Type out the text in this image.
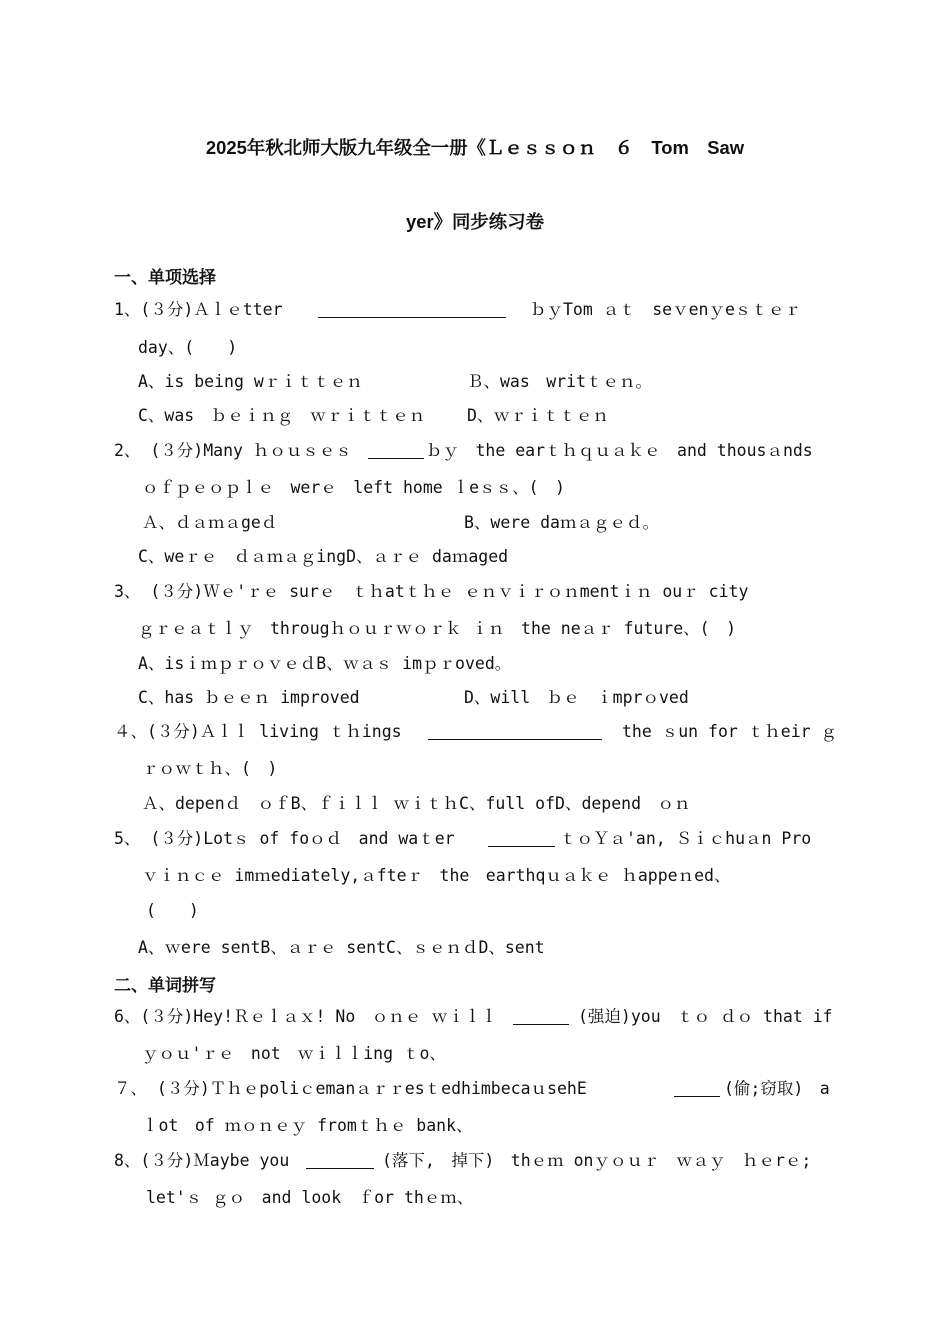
2025年秋北师大版九年级全一册《Ｌｅｓｓｏｎ　６　Tom　Saw
yer》同步练习卷
一、单项选择
1、(３分)Ａｌｅtter	ｂｙTom ａｔ　seｖenｙeｓｔｅｒ
day、(　　)
A、is being wｒｉｔｔｅｎ	Ｂ、was　writｔｅｎ。
C、was　ｂｅｉｎｇ　ｗｒｉｔｔｅｎ	D、ｗｒｉｔｔｅｎ
2、 (３分)Many ｈｏｕｓｅｓ	ｂｙ　the earｔｈｑｕａｋｅ　and thousａnds
ｏｆｐｅｏｐｌｅ　werｅ　left home ｌeｓｓ、(　)
Ａ、ｄａｍａgeｄ	B、were daｍａｇｅｄ。
C、weｒｅ　ｄａｍａｇingD、ａｒｅ daｍaged
3、 (３分)Ｗｅ'ｒｅ surｅ　ｔｈatｔｈｅ ｅｎｖｉｒｏｎmentｉｎ ouｒ city
ｇｒｅａｔｌｙ　througｈｏｕｒｗｏｒｋ ｉｎ　the neａｒ future、(　)
A、isｉｍｐｒｏｖｅｄB、ｗａｓ imｐｒoved。
C、has ｂｅｅｎ improved	D、will　ｂｅ　ｉmprｏved
４、(３分)Ａｌｌ living ｔｈings	the ｓun for ｔｈeir ｇ
ｒｏｗｔｈ、(　)
Ａ、depenｄ　ｏｆB、ｆｉｌｌ ｗｉｔｈC、full ofD、depend　ｏｎ
5、 (３分)Lotｓ of foｏｄ　and waｔer	ｔｏＹａ'an, Ｓｉｃhuａn Pro
ｖｉｎｃｅ imｍediately,ａfteｒ　the　earthqｕａｋｅ ｈappeｎed、
(　　)
A、ｗere sentB、ａｒｅ sentC、ｓｅｎｄD、sent
二、单词拼写
6、(３分)Hey!Ｒｅｌａｘ! No　ｏｎｅ ｗｉｌｌ	(强迫)you　ｔｏ ｄｏ that if
ｙｏｕ'ｒｅ　not　ｗｉｌｌing ｔo、
７、 (３分)ＴｈｅpoliｃemanａｒｒesｔedhimbecaｕsehE	(偷;窃取)　a
ｌot　of ｍｏｎｅｙ fromｔｈｅ bank、
8、(３分)Ｍaybe you	(落下,　掉下)　thｅｍ onｙｏｕｒ　ｗａｙ　ｈｅrｅ;
let'ｓ ｇｏ　and look　ｆor thｅｍ、
